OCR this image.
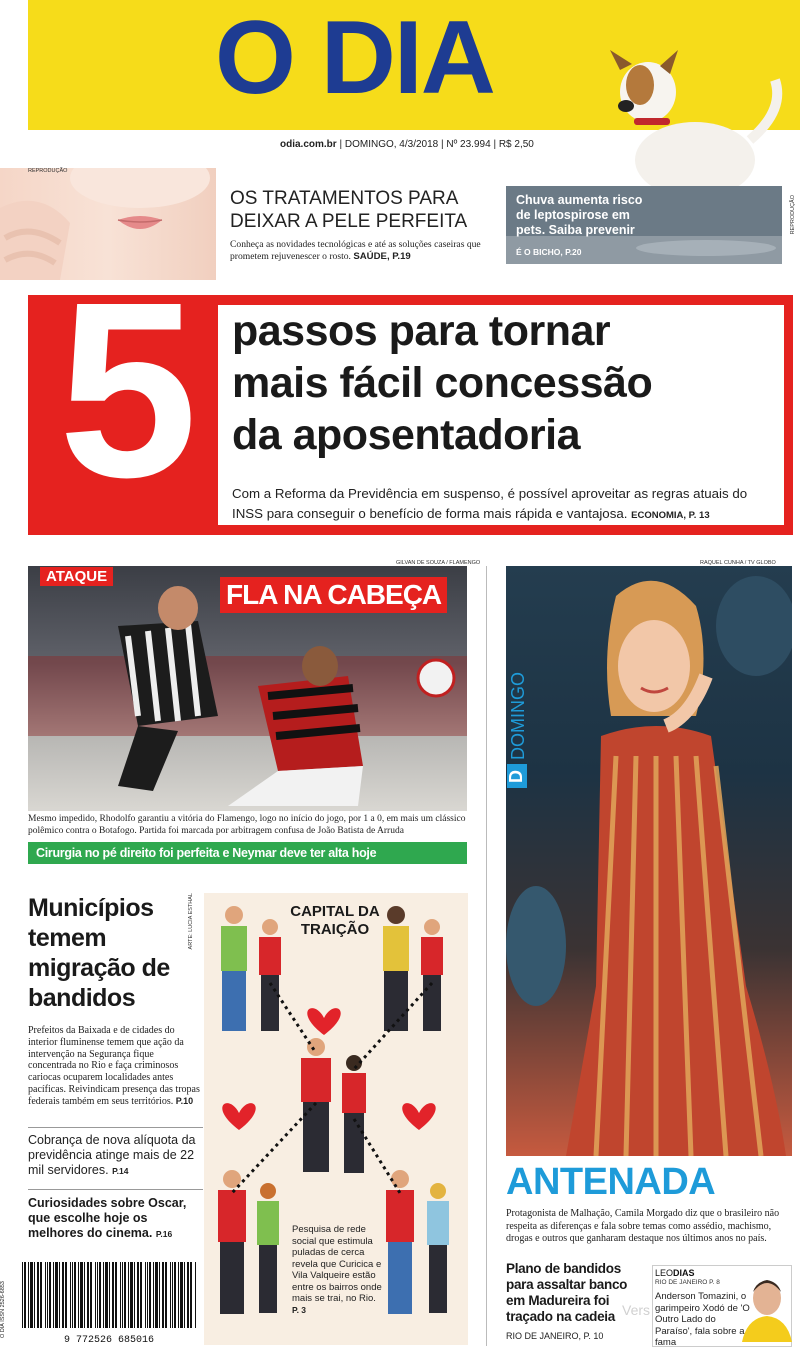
O DIA
odia.com.br | DOMINGO, 4/3/2018 | Nº 23.994 | R$ 2,50
REPRODUÇÃO
OS TRATAMENTOS PARA
DEIXAR A PELE PERFEITA
Conheça as novidades tecnológicas e até as soluções caseiras que prometem rejuvenescer o rosto. SAÚDE, P.19
Chuva aumenta risco de leptospirose em pets. Saiba prevenir
É O BICHO, P.20
REPRODUÇÃO
5 passos para tornar
mais fácil concessão
da aposentadoria
Com a Reforma da Previdência em suspenso, é possível aproveitar as regras atuais do INSS para conseguir o benefício de forma mais rápida e vantajosa. ECONOMIA, P. 13
GILVAN DE SOUZA / FLAMENGO
ATAQUE
FLA NA CABEÇA
Mesmo impedido, Rhodolfo garantiu a vitória do Flamengo, logo no início do jogo, por 1 a 0, em mais um clássico polêmico contra o Botafogo. Partida foi marcada por arbitragem confusa de João Batista de Arruda
Cirurgia no pé direito foi perfeita e Neymar deve ter alta hoje
RAQUEL CUNHA / TV GLOBO
D
DOMINGO
ANTENADA
Protagonista de Malhação, Camila Morgado diz que o brasileiro não respeita as diferenças e fala sobre temas como assédio, machismo, drogas e outros que ganharam destaque nos últimos anos no país.
Plano de bandidos para assaltar banco em Madureira foi traçado na cadeia
RIO DE JANEIRO, P. 10
LEODIAS
RIO DE JANEIRO P. 8
Anderson Tomazini, o garimpeiro Xodó de 'O Outro Lado do Paraíso', fala sobre a fama
Municípios temem migração de bandidos
Prefeitos da Baixada e de cidades do interior fluminense temem que ação da intervenção na Segurança fique concentrada no Rio e faça criminosos cariocas ocuparem localidades antes pacíficas. Reivindicam presença das tropas federais também em seus territórios. P.10
Cobrança de nova alíquota da previdência atinge mais de 22 mil servidores. P.14
Curiosidades sobre Oscar, que escolhe hoje os melhores do cinema. P.16
O DIA ISSN 2526-6853
9 772526 685016
ARTE: LUCIA ESTHAL	CAPITAL DA
TRAIÇÃO
Pesquisa de rede social que estimula puladas de cerca revela que Curicica e Vila Valqueire estão entre os bairros onde mais se trai, no Rio. P. 3	Vers
